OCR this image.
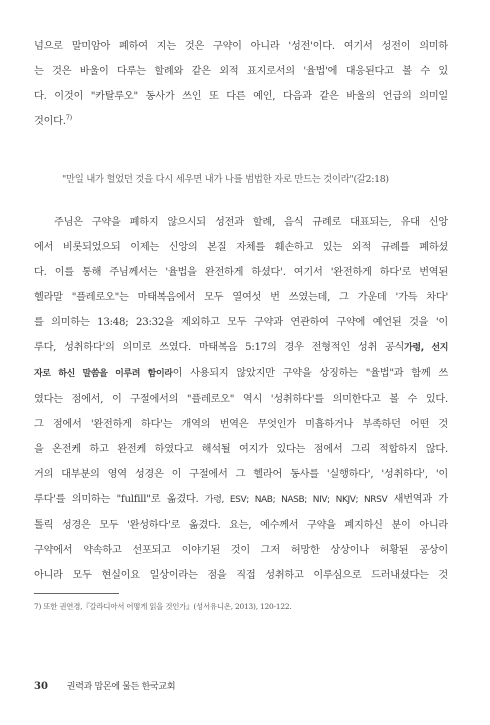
넘으로 말미암아 폐하여 지는 것은 구약이 아니라 '성전'이다. 여기서 성전이 의미하
는 것은 바울이 다루는 할례와 같은 외적 표지로서의 '율법'에 대응된다고 볼 수 있
다. 이것이 "카탈루오" 동사가 쓰인 또 다른 예인, 다음과 같은 바울의 언급의 의미일
것이다.$^{7)}$
"만일 내가 헐었던 것을 다시 세우면 내가 나를 범법한 자로 만드는 것이라"(갈2:18)
주님은 구약을 폐하지 않으시되 성전과 할례, 음식 규례로 대표되는, 유대 신앙
에서 비롯되었으되 이제는 신앙의 본질 자체를 훼손하고 있는 외적 규례를 폐하셨
다. 이를 통해 주님께서는 '율법을 완전하게 하셨다'. 여기서 '완전하게 하다'로 번역된
헬라말 "플레로오"는 마태복음에서 모두 열여섯 번 쓰였는데, 그 가운데 '가득 차다'
를 의미하는 13:48; 23:32을 제외하고 모두 구약과 연관하여 구약에 예언된 것을 '이
루다, 성취하다'의 의미로 쓰였다. 마태복음 5:17의 경우 전형적인 성취 공식가령, 선지
자로 하신 말씀을 이루려 함이라이 사용되지 않았지만 구약을 상징하는 "율법"과 함께 쓰
였다는 점에서, 이 구절에서의 "플레로오" 역시 '성취하다'를 의미한다고 볼 수 있다.
그 점에서 '완전하게 하다'는 개역의 번역은 무엇인가 미흡하거나 부족하던 어떤 것
을 온전케 하고 완전케 하였다고 해석될 여지가 있다는 점에서 그리 적합하지 않다.
거의 대부분의 영역 성경은 이 구절에서 그 헬라어 동사를 '실행하다', '성취하다', '이
루다'를 의미하는 "fulfill"로 옮겼다. 가령, ESV; NAB; NASB; NIV; NKJV; NRSV 새번역과 가
톨릭 성경은 모두 '완성하다'로 옮겼다. 요는, 예수께서 구약을 폐지하신 분이 아니라
구약에서 약속하고 선포되고 이야기된 것이 그저 허망한 상상이나 허황된 공상이
아니라 모두 현실이요 일상이라는 점을 직접 성취하고 이루심으로 드러내셨다는 것
7) 또한 권연경,『갈라디아서 어떻게 읽을 것인가』(성서유니온, 2013), 120-122.
30 권력과 맘몬에 물든 한국교회
